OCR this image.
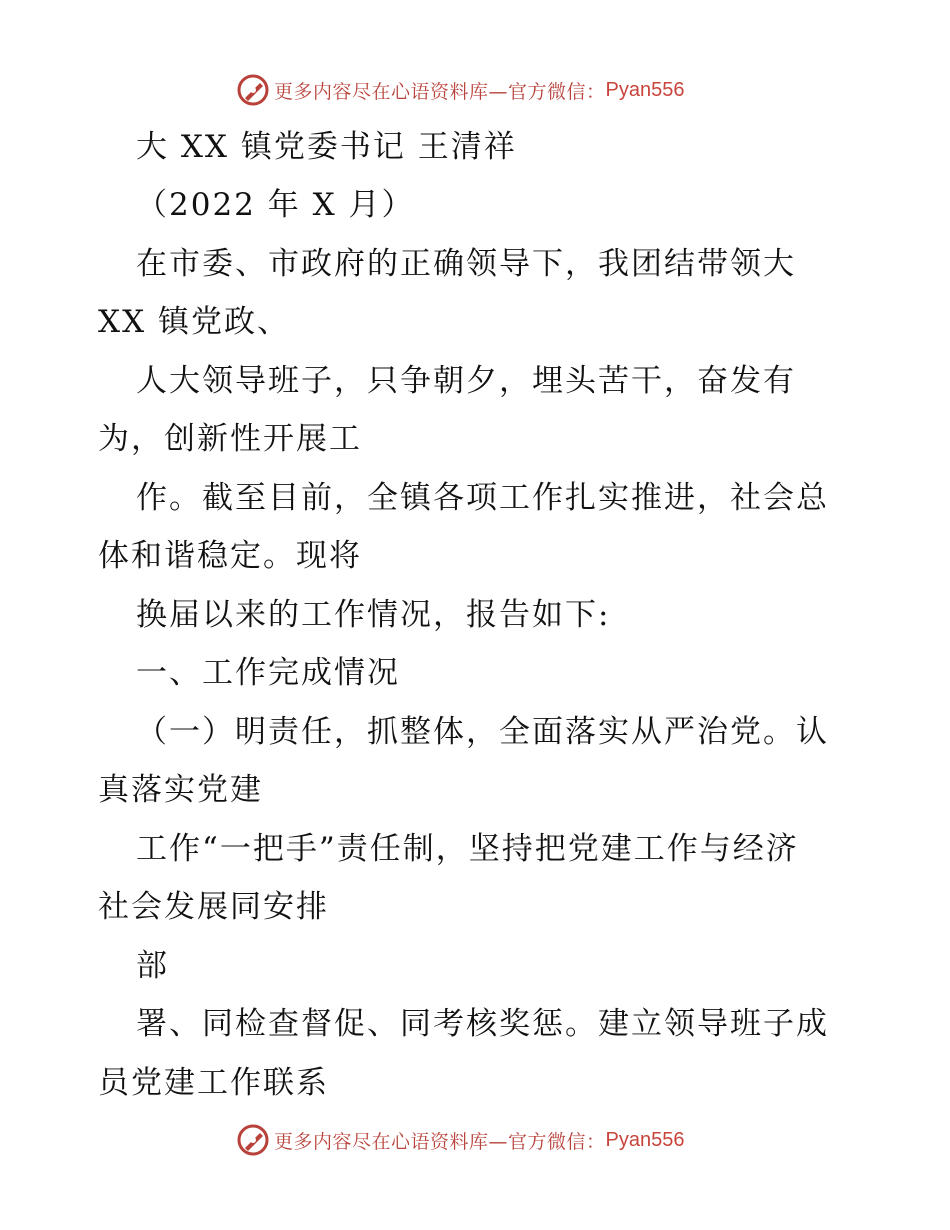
更多内容尽在心语资料库—官方微信： Pyan556
大 XX 镇党委书记 王清祥
（2022 年 X 月）
在市委、市政府的正确领导下，我团结带领大
XX 镇党政、
人大领导班子，只争朝夕，埋头苦干，奋发有
为，创新性开展工
作。截至目前，全镇各项工作扎实推进，社会总
体和谐稳定。现将
换届以来的工作情况，报告如下:
一、工作完成情况
（一）明责任，抓整体，全面落实从严治党。认
真落实党建
工作“一把手”责任制，坚持把党建工作与经济
社会发展同安排
部
署、同检查督促、同考核奖惩。建立领导班子成
员党建工作联系
更多内容尽在心语资料库—官方微信： Pyan556
